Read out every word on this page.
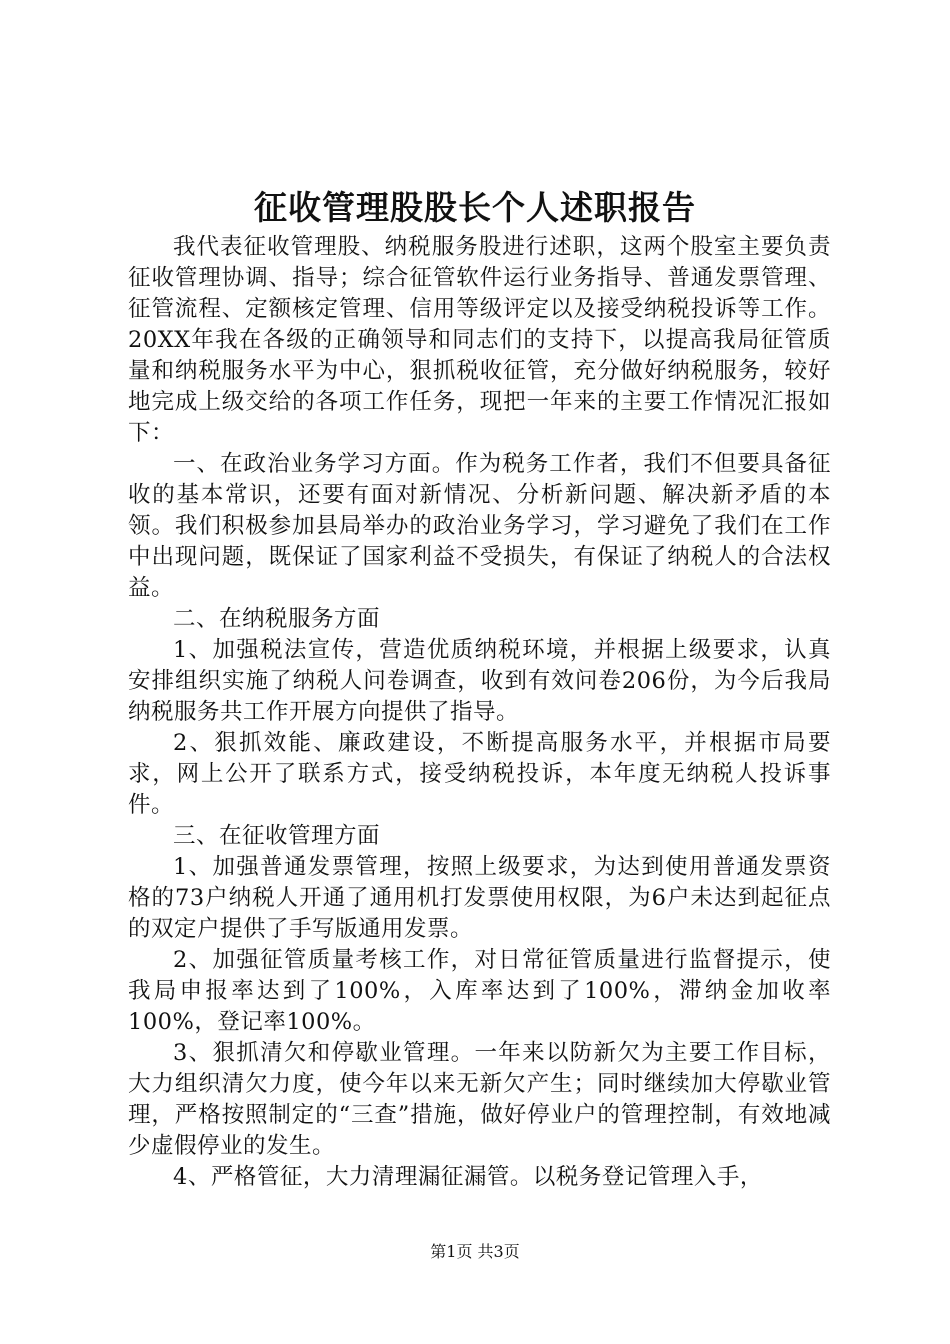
征收管理股股长个人述职报告

我代表征收管理股、纳税服务股进行述职，这两个股室主要负责征收管理协调、指导；综合征管软件运行业务指导、普通发票管理、征管流程、定额核定管理、信用等级评定以及接受纳税投诉等工作。20XX年我在各级的正确领导和同志们的支持下，以提高我局征管质量和纳税服务水平为中心，狠抓税收征管，充分做好纳税服务，较好地完成上级交给的各项工作任务，现把一年来的主要工作情况汇报如下：

一、在政治业务学习方面。作为税务工作者，我们不但要具备征收的基本常识，还要有面对新情况、分析新问题、解决新矛盾的本领。我们积极参加县局举办的政治业务学习，学习避免了我们在工作中出现问题，既保证了国家利益不受损失，有保证了纳税人的合法权益。

二、在纳税服务方面

1、加强税法宣传，营造优质纳税环境，并根据上级要求，认真安排组织实施了纳税人问卷调查，收到有效问卷206份，为今后我局纳税服务共工作开展方向提供了指导。

2、狠抓效能、廉政建设，不断提高服务水平，并根据市局要求，网上公开了联系方式，接受纳税投诉，本年度无纳税人投诉事件。

三、在征收管理方面

1、加强普通发票管理，按照上级要求，为达到使用普通发票资格的73户纳税人开通了通用机打发票使用权限，为6户未达到起征点的双定户提供了手写版通用发票。

2、加强征管质量考核工作，对日常征管质量进行监督提示，使我局申报率达到了100%，入库率达到了100%，滞纳金加收率100%，登记率100%。

3、狠抓清欠和停歇业管理。一年来以防新欠为主要工作目标，大力组织清欠力度，使今年以来无新欠产生；同时继续加大停歇业管理，严格按照制定的“三查”措施，做好停业户的管理控制，有效地减少虚假停业的发生。

4、严格管征，大力清理漏征漏管。以税务登记管理入手，

第1页 共3页
